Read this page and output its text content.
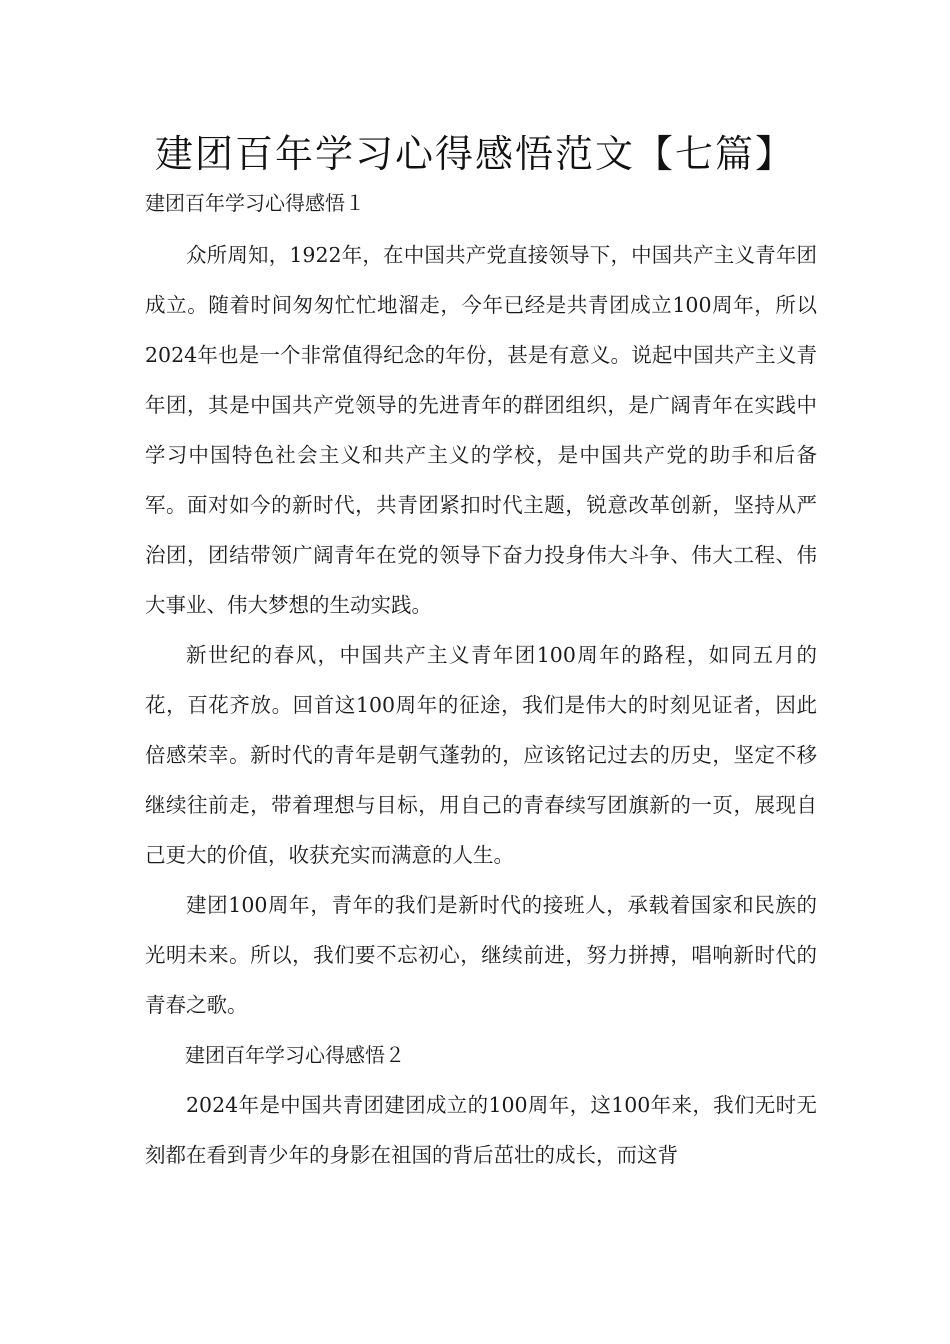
建团百年学习心得感悟范文【七篇】
建团百年学习心得感悟１

众所周知，1922年，在中国共产党直接领导下，中国共产主义青年团成立。随着时间匆匆忙忙地溜走，今年已经是共青团成立100周年，所以2024年也是一个非常值得纪念的年份，甚是有意义。说起中国共产主义青年团，其是中国共产党领导的先进青年的群团组织，是广阔青年在实践中学习中国特色社会主义和共产主义的学校，是中国共产党的助手和后备军。面对如今的新时代，共青团紧扣时代主题，锐意改革创新，坚持从严治团，团结带领广阔青年在党的领导下奋力投身伟大斗争、伟大工程、伟大事业、伟大梦想的生动实践。

新世纪的春风，中国共产主义青年团100周年的路程，如同五月的花，百花齐放。回首这100周年的征途，我们是伟大的时刻见证者，因此倍感荣幸。新时代的青年是朝气蓬勃的，应该铭记过去的历史，坚定不移继续往前走，带着理想与目标，用自己的青春续写团旗新的一页，展现自己更大的价值，收获充实而满意的人生。

建团100周年，青年的我们是新时代的接班人，承载着国家和民族的光明未来。所以，我们要不忘初心，继续前进，努力拼搏，唱响新时代的青春之歌。

建团百年学习心得感悟２

2024年是中国共青团建团成立的100周年，这100年来，我们无时无刻都在看到青少年的身影在祖国的背后茁壮的成长，而这背
